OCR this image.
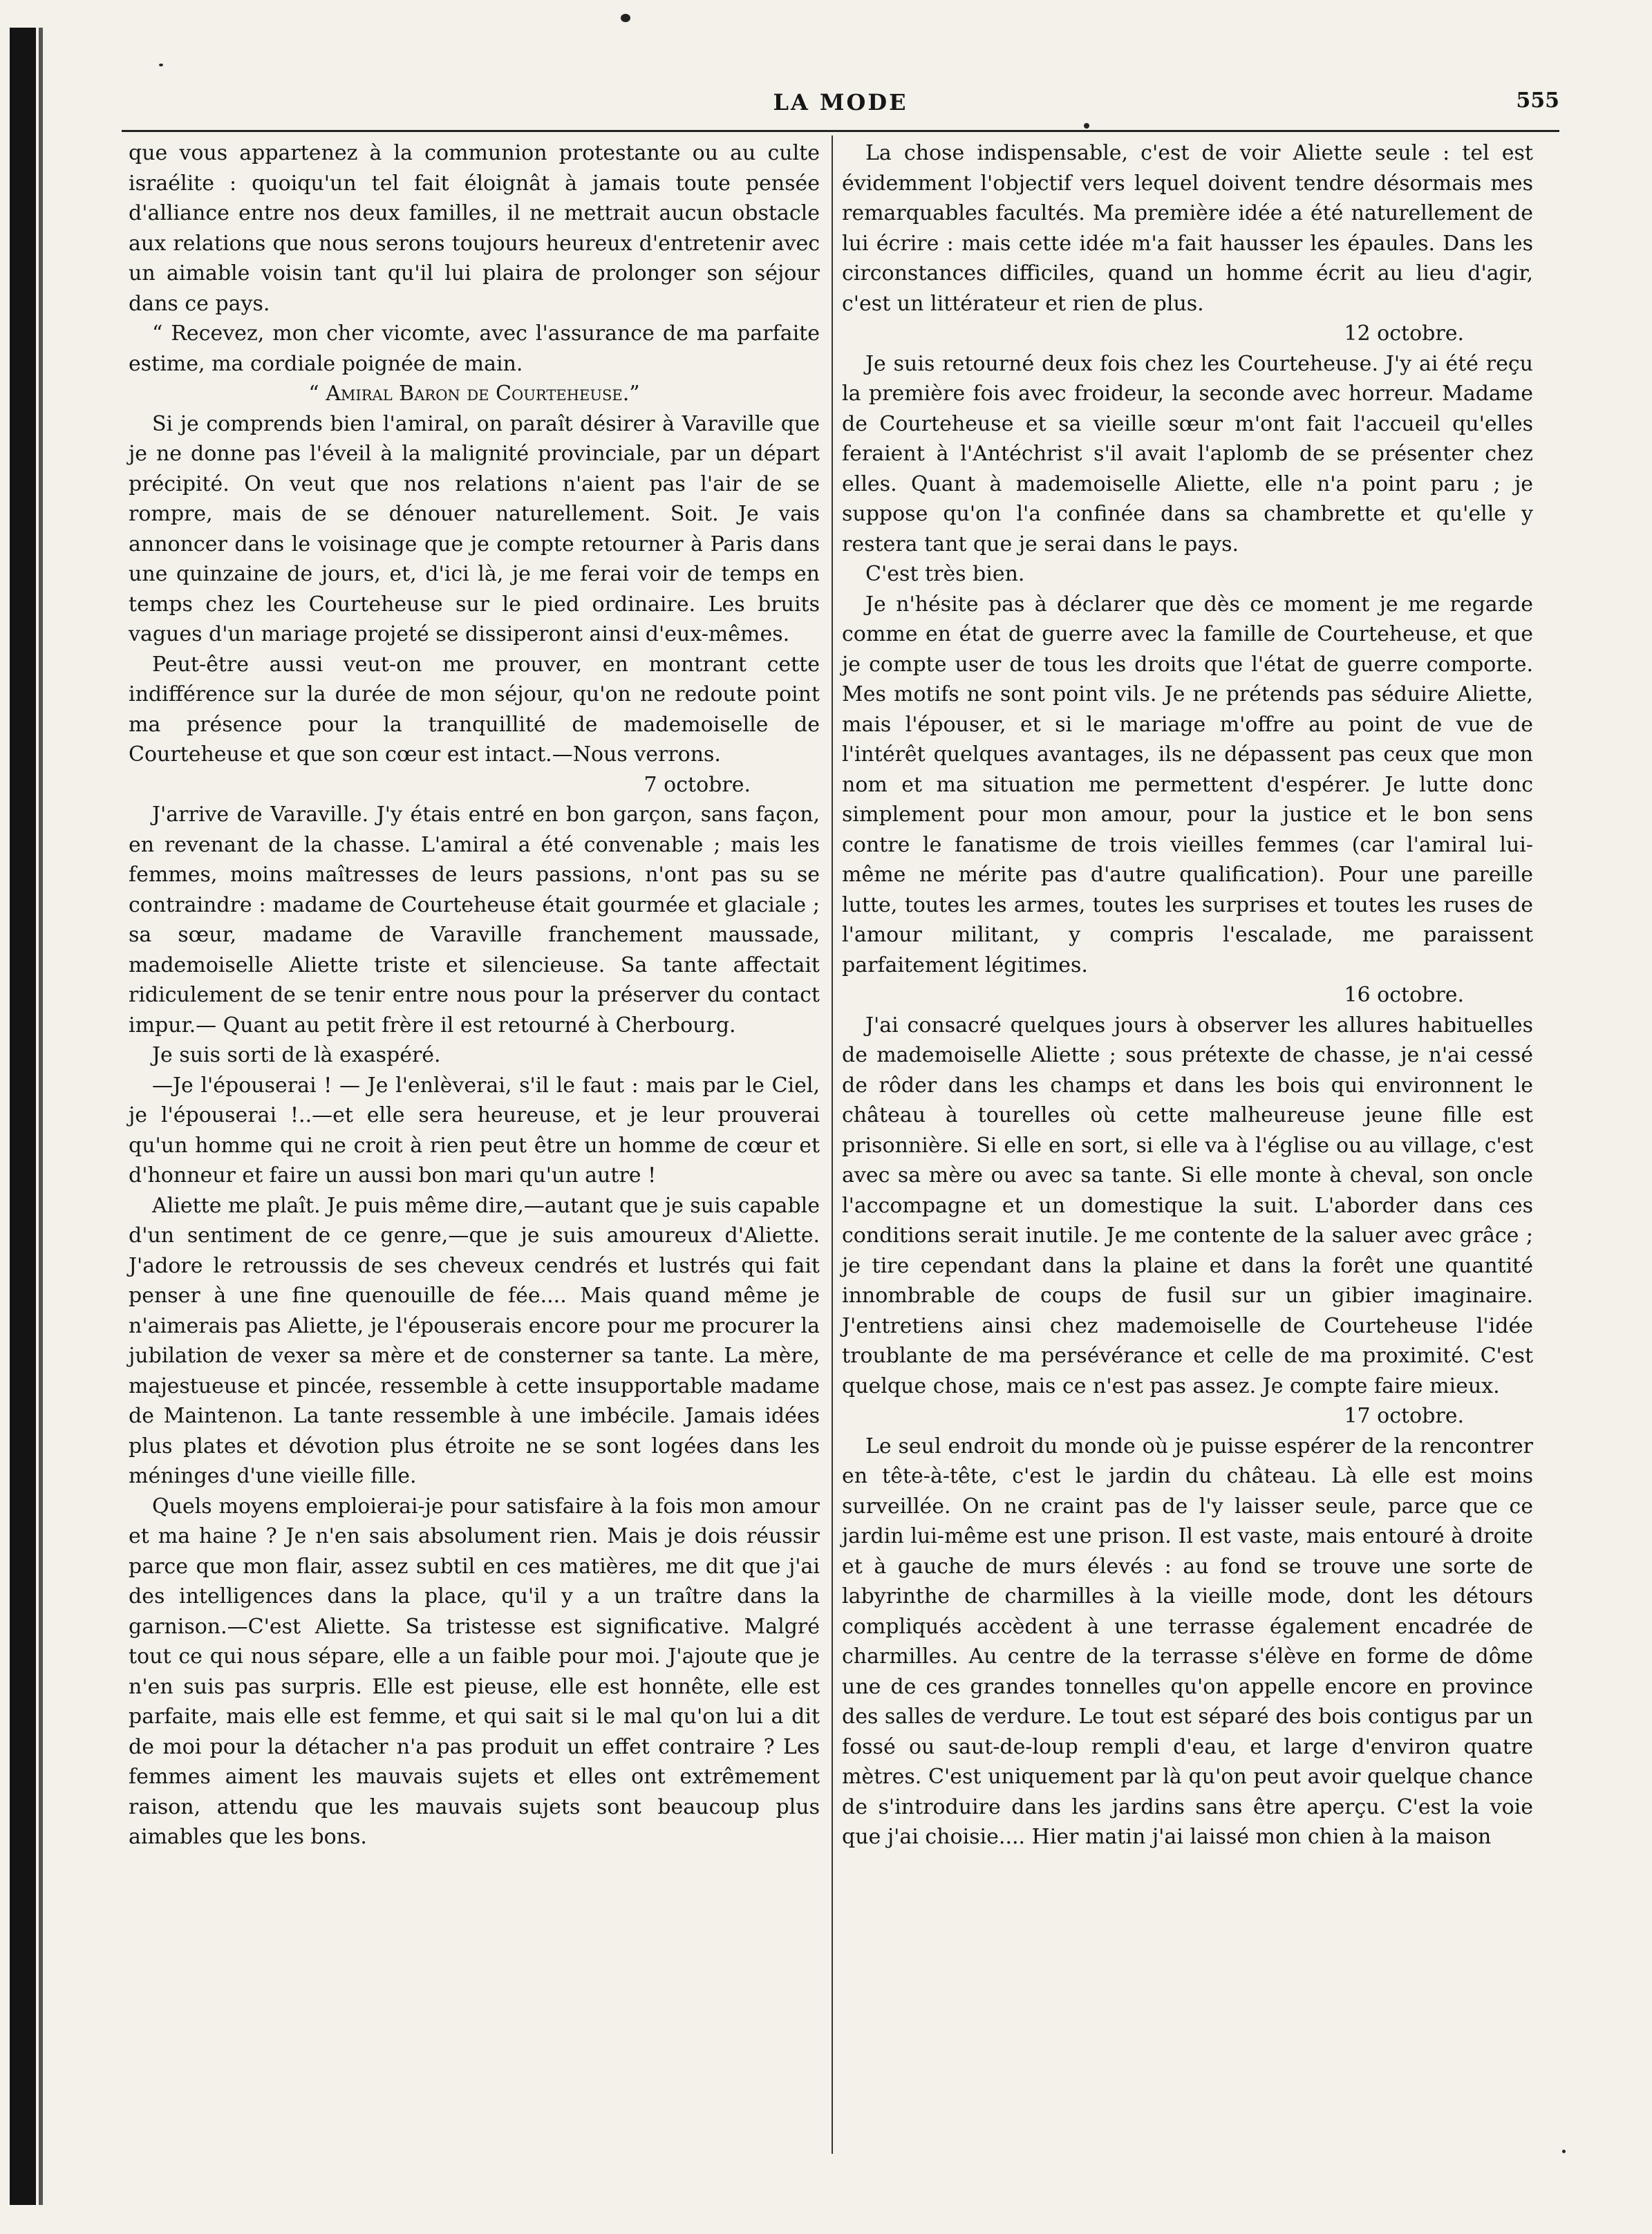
LA MODE	555

que vous appartenez à la communion protestante ou au culte israélite : quoiqu'un tel fait éloignât à jamais toute pensée d'alliance entre nos deux familles, il ne mettrait aucun obstacle aux relations que nous serons toujours heureux d'entretenir avec un aimable voisin tant qu'il lui plaira de prolonger son séjour dans ce pays.

“ Recevez, mon cher vicomte, avec l'assurance de ma parfaite estime, ma cordiale poignée de main.

“ Amiral Baron de Courteheuse.”

Si je comprends bien l'amiral, on paraît désirer à Varaville que je ne donne pas l'éveil à la malignité provinciale, par un départ précipité. On veut que nos relations n'aient pas l'air de se rompre, mais de se dénouer naturellement. Soit. Je vais annoncer dans le voisinage que je compte retourner à Paris dans une quinzaine de jours, et, d'ici là, je me ferai voir de temps en temps chez les Courteheuse sur le pied ordinaire. Les bruits vagues d'un mariage projeté se dissiperont ainsi d'eux-mêmes.

Peut-être aussi veut-on me prouver, en montrant cette indifférence sur la durée de mon séjour, qu'on ne redoute point ma présence pour la tranquillité de mademoiselle de Courteheuse et que son cœur est intact.—Nous verrons.

7 octobre.

J'arrive de Varaville. J'y étais entré en bon garçon, sans façon, en revenant de la chasse. L'amiral a été convenable ; mais les femmes, moins maîtresses de leurs passions, n'ont pas su se contraindre : madame de Courteheuse était gourmée et glaciale ; sa sœur, madame de Varaville franchement maussade, mademoiselle Aliette triste et silencieuse. Sa tante affectait ridiculement de se tenir entre nous pour la préserver du contact impur.— Quant au petit frère il est retourné à Cherbourg.

Je suis sorti de là exaspéré.

—Je l'épouserai ! — Je l'enlèverai, s'il le faut : mais par le Ciel, je l'épouserai !..—et elle sera heureuse, et je leur prouverai qu'un homme qui ne croit à rien peut être un homme de cœur et d'honneur et faire un aussi bon mari qu'un autre !

Aliette me plaît. Je puis même dire,—autant que je suis capable d'un sentiment de ce genre,—que je suis amoureux d'Aliette. J'adore le retroussis de ses cheveux cendrés et lustrés qui fait penser à une fine quenouille de fée.... Mais quand même je n'aimerais pas Aliette, je l'épouserais encore pour me procurer la jubilation de vexer sa mère et de consterner sa tante. La mère, majestueuse et pincée, ressemble à cette insupportable madame de Maintenon. La tante ressemble à une imbécile. Jamais idées plus plates et dévotion plus étroite ne se sont logées dans les méninges d'une vieille fille.

Quels moyens emploierai-je pour satisfaire à la fois mon amour et ma haine ? Je n'en sais absolument rien. Mais je dois réussir parce que mon flair, assez subtil en ces matières, me dit que j'ai des intelligences dans la place, qu'il y a un traître dans la garnison.—C'est Aliette. Sa tristesse est significative. Malgré tout ce qui nous sépare, elle a un faible pour moi. J'ajoute que je n'en suis pas surpris. Elle est pieuse, elle est honnête, elle est parfaite, mais elle est femme, et qui sait si le mal qu'on lui a dit de moi pour la détacher n'a pas produit un effet contraire ? Les femmes aiment les mauvais sujets et elles ont extrêmement raison, attendu que les mauvais sujets sont beaucoup plus aimables que les bons.

La chose indispensable, c'est de voir Aliette seule : tel est évidemment l'objectif vers lequel doivent tendre désormais mes remarquables facultés. Ma première idée a été naturellement de lui écrire : mais cette idée m'a fait hausser les épaules. Dans les circonstances difficiles, quand un homme écrit au lieu d'agir, c'est un littérateur et rien de plus.

12 octobre.

Je suis retourné deux fois chez les Courteheuse. J'y ai été reçu la première fois avec froideur, la seconde avec horreur. Madame de Courteheuse et sa vieille sœur m'ont fait l'accueil qu'elles feraient à l'Antéchrist s'il avait l'aplomb de se présenter chez elles. Quant à mademoiselle Aliette, elle n'a point paru ; je suppose qu'on l'a confinée dans sa chambrette et qu'elle y restera tant que je serai dans le pays.

C'est très bien.

Je n'hésite pas à déclarer que dès ce moment je me regarde comme en état de guerre avec la famille de Courteheuse, et que je compte user de tous les droits que l'état de guerre comporte. Mes motifs ne sont point vils. Je ne prétends pas séduire Aliette, mais l'épouser, et si le mariage m'offre au point de vue de l'intérêt quelques avantages, ils ne dépassent pas ceux que mon nom et ma situation me permettent d'espérer. Je lutte donc simplement pour mon amour, pour la justice et le bon sens contre le fanatisme de trois vieilles femmes (car l'amiral lui-même ne mérite pas d'autre qualification). Pour une pareille lutte, toutes les armes, toutes les surprises et toutes les ruses de l'amour militant, y compris l'escalade, me paraissent parfaitement légitimes.

16 octobre.

J'ai consacré quelques jours à observer les allures habituelles de mademoiselle Aliette ; sous prétexte de chasse, je n'ai cessé de rôder dans les champs et dans les bois qui environnent le château à tourelles où cette malheureuse jeune fille est prisonnière. Si elle en sort, si elle va à l'église ou au village, c'est avec sa mère ou avec sa tante. Si elle monte à cheval, son oncle l'accompagne et un domestique la suit. L'aborder dans ces conditions serait inutile. Je me contente de la saluer avec grâce ; je tire cependant dans la plaine et dans la forêt une quantité innombrable de coups de fusil sur un gibier imaginaire. J'entretiens ainsi chez mademoiselle de Courteheuse l'idée troublante de ma persévérance et celle de ma proximité. C'est quelque chose, mais ce n'est pas assez. Je compte faire mieux.

17 octobre.

Le seul endroit du monde où je puisse espérer de la rencontrer en tête-à-tête, c'est le jardin du château. Là elle est moins surveillée. On ne craint pas de l'y laisser seule, parce que ce jardin lui-même est une prison. Il est vaste, mais entouré à droite et à gauche de murs élevés : au fond se trouve une sorte de labyrinthe de charmilles à la vieille mode, dont les détours compliqués accèdent à une terrasse également encadrée de charmilles. Au centre de la terrasse s'élève en forme de dôme une de ces grandes tonnelles qu'on appelle encore en province des salles de verdure. Le tout est séparé des bois contigus par un fossé ou saut-de-loup rempli d'eau, et large d'environ quatre mètres. C'est uniquement par là qu'on peut avoir quelque chance de s'introduire dans les jardins sans être aperçu. C'est la voie que j'ai choisie.... Hier matin j'ai laissé mon chien à la maison
